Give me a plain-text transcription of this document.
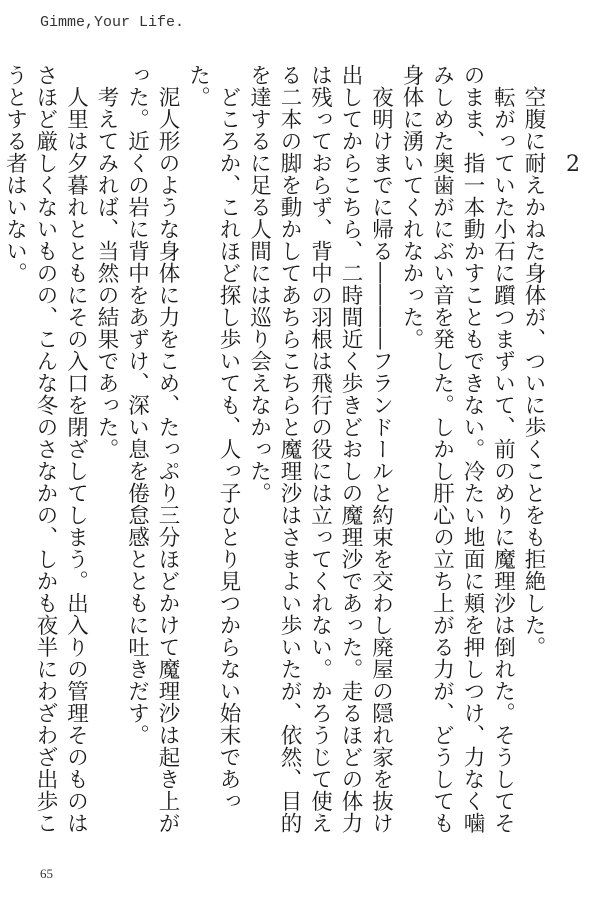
Gimme,Your Life.
2

空腹に耐えかねた身体が、ついに歩くことをも拒絶した。

転がっていた小石に躓つまずいて、前のめりに魔理沙は倒れた。そうしてそのまま、指一本動かすこともできない。冷たい地面に頬を押しつけ、力なく噛みしめた奥歯がにぶい音を発した。しかし肝心の立ち上がる力が、どうしても身体に湧いてくれなかった。

夜明けまでに帰る――――フランドールと約束を交わし廃屋の隠れ家を抜け出してからこちら、二時間近く歩きどおしの魔理沙であった。走るほどの体力は残っておらず、背中の羽根は飛行の役には立ってくれない。かろうじて使える二本の脚を動かしてあちらこちらと魔理沙はさまよい歩いたが、依然、目的を達するに足る人間には巡り会えなかった。

どころか、これほど探し歩いても、人っ子ひとり見つからない始末であった。

泥人形のような身体に力をこめ、たっぷり三分ほどかけて魔理沙は起き上がった。近くの岩に背中をあずけ、深い息を倦怠感とともに吐きだす。

考えてみれば、当然の結果であった。

人里は夕暮れとともにその入口を閉ざしてしまう。出入りの管理そのものはさほど厳しくないものの、こんな冬のさなかの、しかも夜半にわざわざ出歩こうとする者はいない。

65
